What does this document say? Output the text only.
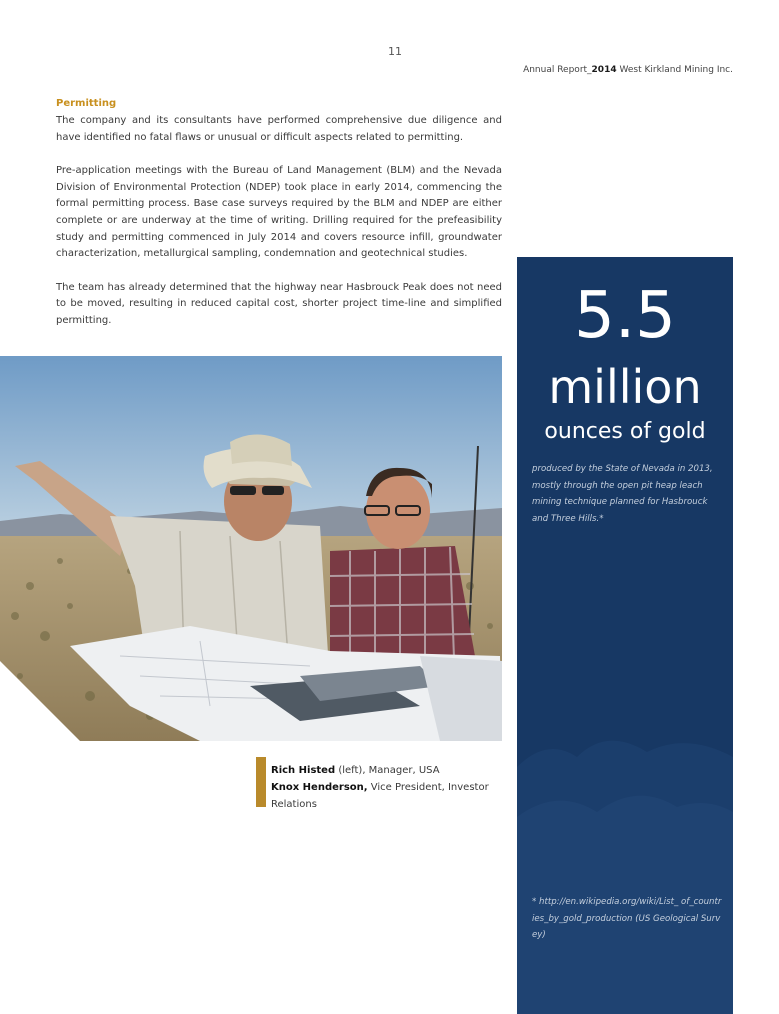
11
Annual Report_2014 West Kirkland Mining Inc.
Permitting

The company and its consultants have performed comprehensive due diligence and have identified no fatal flaws or unusual or difficult aspects related to permitting.

Pre-application meetings with the Bureau of Land Management (BLM) and the Nevada Division of Environmental Protection (NDEP) took place in early 2014, commencing the formal permitting process. Base case surveys required by the BLM and NDEP are either complete or are underway at the time of writing. Drilling required for the prefeasibility study and permitting commenced in July 2014 and covers resource infill, groundwater characterization, metallurgical sampling, condemnation and geotechnical studies.

The team has already determined that the highway near Hasbrouck Peak does not need to be moved, resulting in reduced capital cost, shorter project time-line and simplified permitting.

Rich Histed (left), Manager, USA
Knox Henderson, Vice President, Investor Relations
5.5
million
ounces of gold
produced by the State of Nevada in 2013, mostly through the open pit heap leach mining technique planned for Hasbrouck and Three Hills.*
* http://en.wikipedia.org/wiki/List_ of_countries_by_gold_production (US Geological Survey)
